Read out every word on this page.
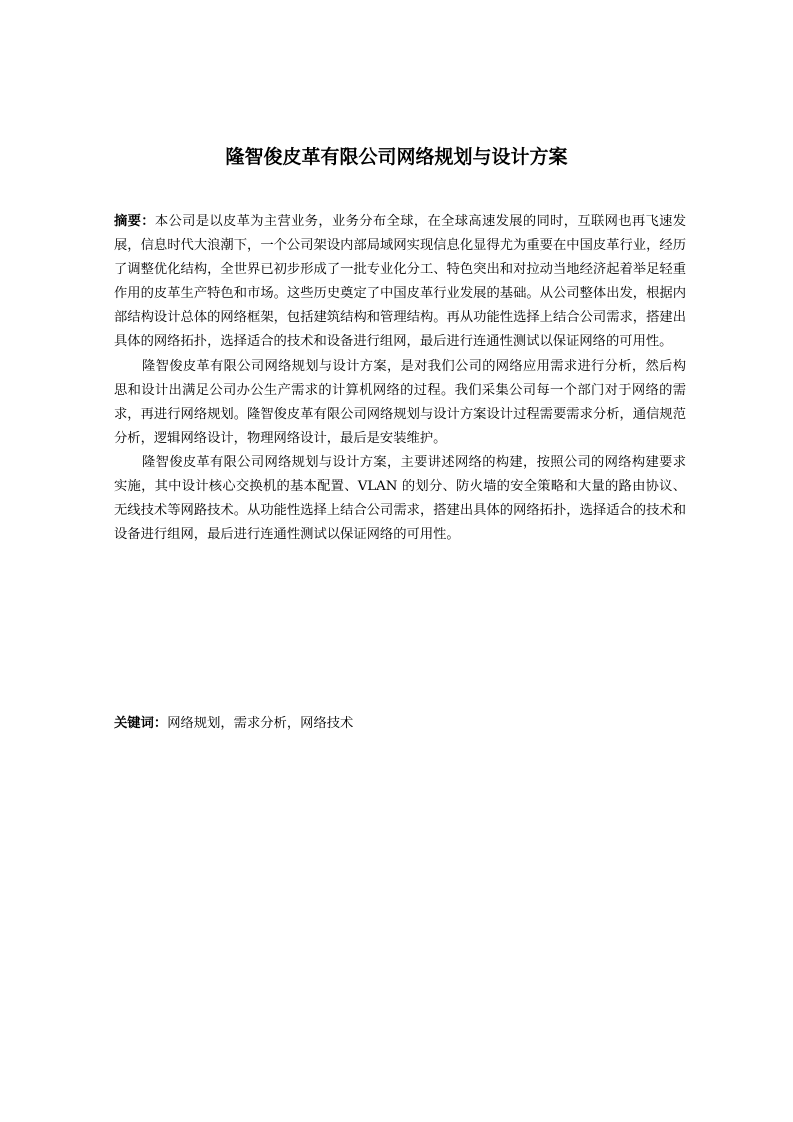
隆智俊皮革有限公司网络规划与设计方案

摘要：本公司是以皮革为主营业务，业务分布全球，在全球高速发展的同时，互联网也再飞速发展，信息时代大浪潮下，一个公司架设内部局域网实现信息化显得尤为重要在中国皮革行业，经历了调整优化结构，全世界已初步形成了一批专业化分工、特色突出和对拉动当地经济起着举足轻重作用的皮革生产特色和市场。这些历史奠定了中国皮革行业发展的基础。从公司整体出发，根据内部结构设计总体的网络框架，包括建筑结构和管理结构。再从功能性选择上结合公司需求，搭建出具体的网络拓扑，选择适合的技术和设备进行组网，最后进行连通性测试以保证网络的可用性。

隆智俊皮革有限公司网络规划与设计方案，是对我们公司的网络应用需求进行分析，然后构思和设计出满足公司办公生产需求的计算机网络的过程。我们采集公司每一个部门对于网络的需求，再进行网络规划。隆智俊皮革有限公司网络规划与设计方案设计过程需要需求分析，通信规范分析，逻辑网络设计，物理网络设计，最后是安装维护。

隆智俊皮革有限公司网络规划与设计方案，主要讲述网络的构建，按照公司的网络构建要求实施，其中设计核心交换机的基本配置、VLAN 的划分、防火墙的安全策略和大量的路由协议、无线技术等网路技术。从功能性选择上结合公司需求，搭建出具体的网络拓扑，选择适合的技术和设备进行组网，最后进行连通性测试以保证网络的可用性。

关键词：网络规划，需求分析，网络技术
